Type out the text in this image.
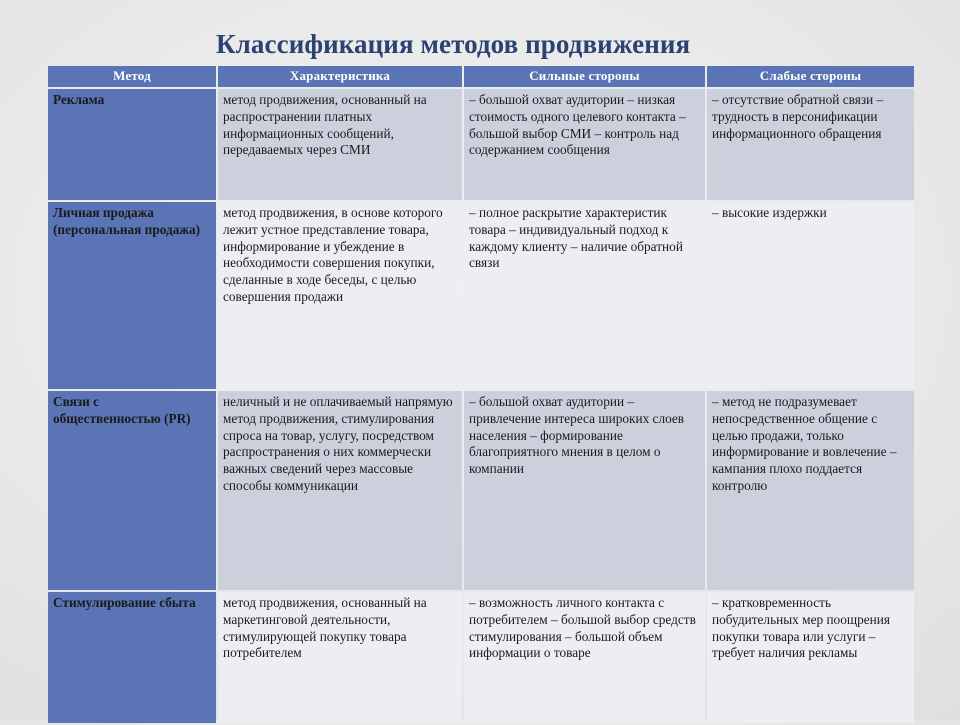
Классификация методов продвижения
Метод	Характеристика	Сильные стороны	Слабые стороны
Реклама	метод продвижения, основанный на распространении платных информационных сообщений, передаваемых через СМИ	– большой охват аудитории – низкая стоимость одного целевого контакта – большой выбор СМИ – контроль над содержанием сообщения	– отсутствие обратной связи – трудность в персонификации информационного обращения
Личная продажа (персональная продажа)	метод продвижения, в основе которого лежит устное представление товара, информирование и убеждение в необходимости совершения покупки, сделанные в ходе беседы, с целью совершения продажи	– полное раскрытие характеристик товара – индивидуальный подход к каждому клиенту – наличие обратной связи	– высокие издержки
Связи с общественностью (PR)	неличный и не оплачиваемый напрямую метод продвижения, стимулирования спроса на товар, услугу, посредством распространения о них коммерчески важных сведений через массовые способы коммуникации	– большой охват аудитории – привлечение интереса широких слоев населения – формирование благоприятного мнения в целом о компании	– метод не подразумевает непосредственное общение с целью продажи, только информирование и вовлечение – кампания плохо поддается контролю
Стимулирование сбыта	метод продвижения, основанный на маркетинговой деятельности, стимулирующей покупку товара потребителем	– возможность личного контакта с потребителем – большой выбор средств стимулирования – большой объем информации о товаре	– кратковременность побудительных мер поощрения покупки товара или услуги – требует наличия рекламы
